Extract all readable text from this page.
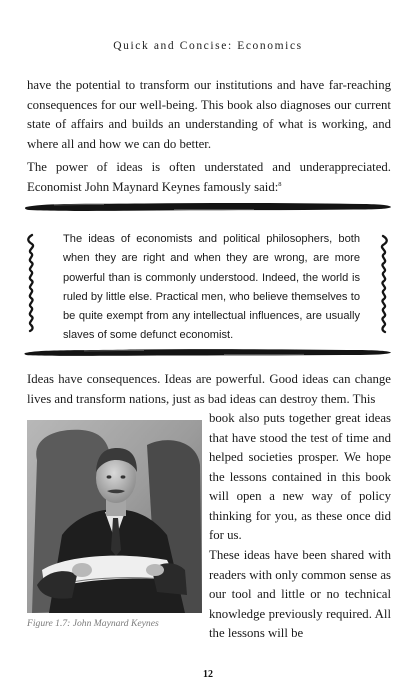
Quick and Concise: Economics

have the potential to transform our institutions and have far-reaching consequences for our well-being. This book also diagnoses our current state of affairs and builds an understanding of what is working, and where all and how we can do better.

The power of ideas is often understated and underappreciated. Economist John Maynard Keynes famously said:$^8$

The ideas of economists and political philosophers, both when they are right and when they are wrong, are more powerful than is commonly understood. Indeed, the world is ruled by little else. Practical men, who believe themselves to be quite exempt from any intellectual influences, are usually slaves of some defunct economist.

Ideas have consequences. Ideas are powerful. Good ideas can change lives and transform nations, just as bad ideas can destroy them. This

book also puts together great ideas that have stood the test of time and helped societies prosper. We hope the lessons contained in this book will open a new way of policy thinking for you, as these once did for us.

These ideas have been shared with readers with only common sense as our tool and little or no technical knowledge previously required. All the lessons will be

Figure 1.7: John Maynard Keynes
12
